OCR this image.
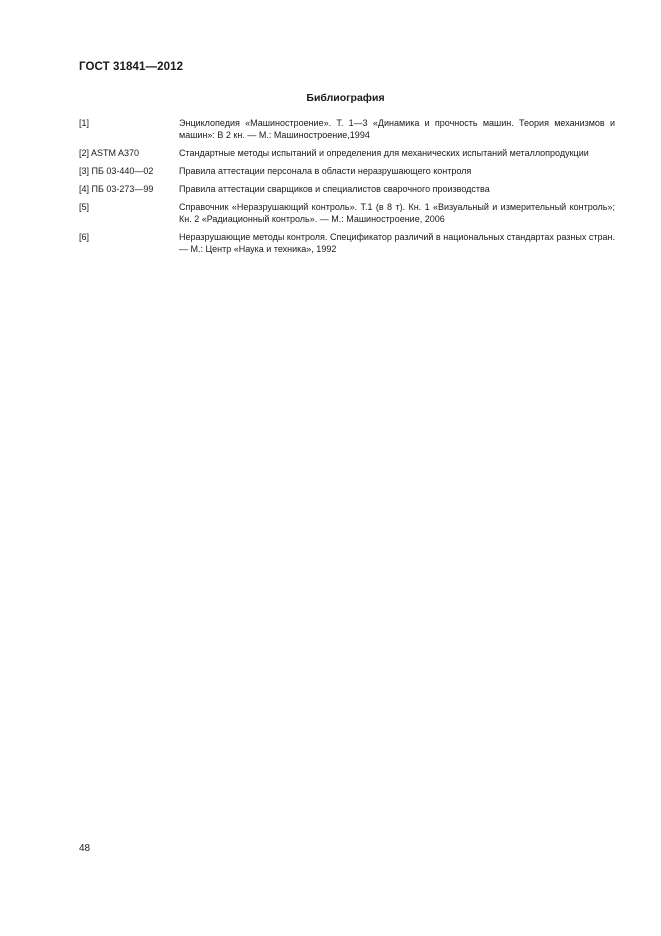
ГОСТ 31841—2012
Библиография
[1]	Энциклопедия «Машиностроение». Т. 1—3 «Динамика и прочность машин. Теория механизмов и машин»: В 2 кн. — М.: Машиностроение,1994
[2] ASTM A370	Стандартные методы испытаний и определения для механических испытаний металлопродукции
[3] ПБ 03-440—02	Правила аттестации персонала в области неразрушающего контроля
[4] ПБ 03-273—99	Правила аттестации сварщиков и специалистов сварочного производства
[5]	Справочник «Неразрушающий контроль». Т.1 (в 8 т). Кн. 1 «Визуальный и измерительный контроль»; Кн. 2 «Радиационный контроль». — М.: Машиностроение, 2006
[6]	Неразрушающие методы контроля. Спецификатор различий в национальных стандартах разных стран. — М.: Центр «Наука и техника», 1992
48
